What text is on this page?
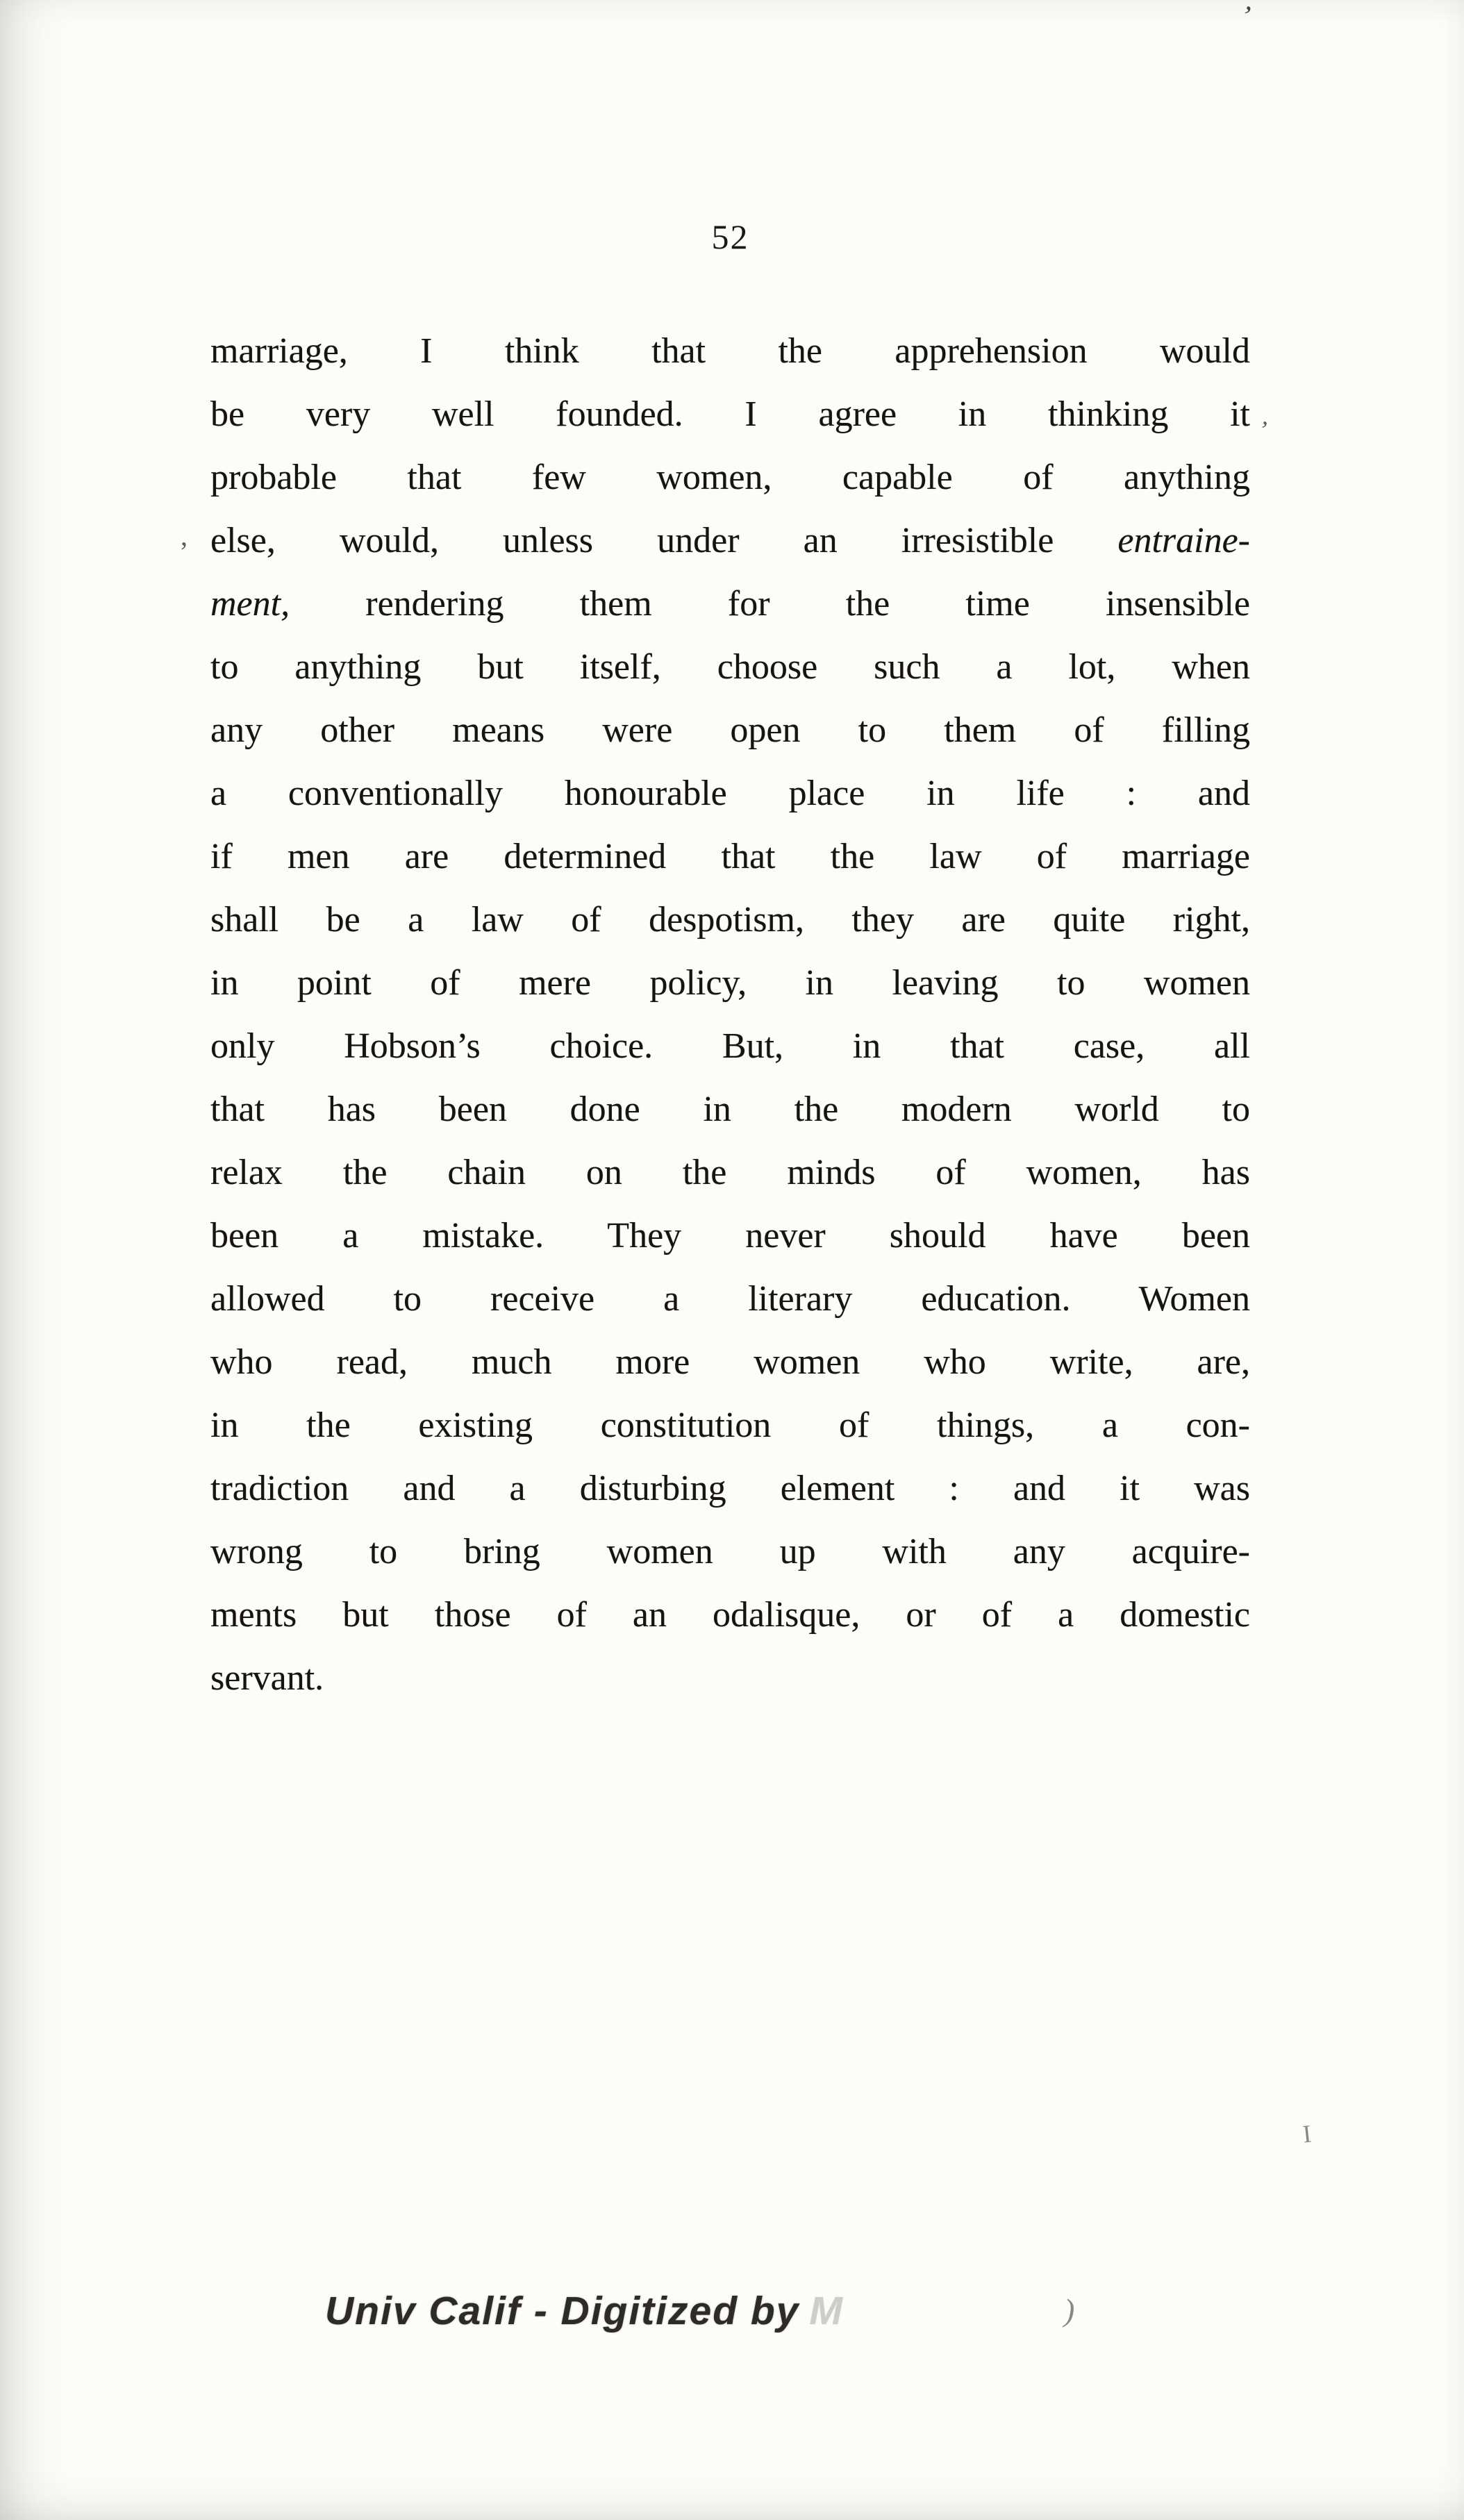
52
marriage, I think that the apprehension would
be very well founded. I agree in thinking it
probable that few women, capable of anything
else, would, unless under an irresistible entraine-
ment, rendering them for the time insensible
to anything but itself, choose such a lot, when
any other means were open to them of filling
a conventionally honourable place in life : and
if men are determined that the law of marriage
shall be a law of despotism, they are quite right,
in point of mere policy, in leaving to women
only Hobson’s choice. But, in that case, all
that has been done in the modern world to
relax the chain on the minds of women, has
been a mistake. They never should have been
allowed to receive a literary education. Women
who read, much more women who write, are,
in the existing constitution of things, a con-
tradiction and a disturbing element : and it was
wrong to bring women up with any acquire-
ments but those of an odalisque, or of a domestic
servant.
Univ Calif - Digitized by M
’
’
,
I
)
